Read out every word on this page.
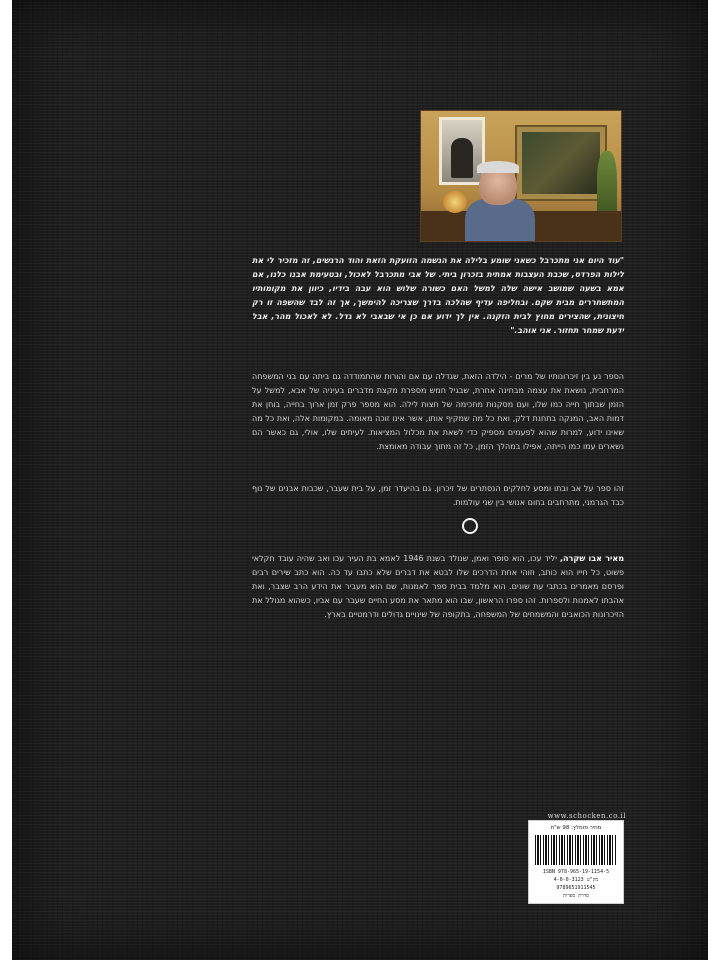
"עוד היום אני מתכרבל כשאני שומע בלילה את הנשמה הזועקת הזאת והוד הרגשים, זה מזכיר לי את לילות הפרדס, שכבת העצבות אמתית בזכרון ביתי. של אבי מתכרבל לאכול, ובטעימת אבנו כלנו, אם אמא בשעה שמושב אישה שלה למשל האם כשורה שלוש הוא עבה בידיו, כיוון את מקומותיו המתשחררים מבית שקם. ובחליפה עדיף שהלכה בדרך שצריכה להימשך, אך זה לבד שהשפה זו רק חיצונית, שהצירים מחוץ לבית הזקנה. אין לך ידוע אם כן אי שבאבי לא גדל. לא לאכול מהר, אבל ידעת שמחר תחזור. אני אוהב."

הספר נע בין זיכרונותיו של מרים - הילדה הזאת, שגדלה עם אם והורות שהתמודדה גם ביתה עם בני המשפחה המרחבית, נושאת את עצמה מבחינה אחרת, שבגיל חמש מספרת מקצת מדברים בעיניה של אבא, למשל על הזמן שבתוך חייה כמו שלו, ועם מסקנות מחכימה של חצות לילה. הוא מספר פרק זמן ארוך בחייה, בוחן את דמות האב, המנקה בתחנת דלק, ואת כל מה שמקיף אותו, אשר אינו זוכה מאומה. במקומות אלה, ואת כל מה שאינו ידוע, למרות שהוא לפעמים מספיק כדי לשאת את מכלול המציאות. לעיתים שלו, אולי, גם כאשר הם נשארים עמו כמו הייתה, אפילו במהלך הזמן, כל זה מתוך עבודה מאומצת.

זהו ספר על אב ובתו ומסע לחלקים הנסתרים של זיכרון. גם בהיעדר זמן, על בית שעבר, שכבות אבנים של נוף כבד הגרמני, מתרחבים בחום אנושי בין שני עולמות.

מאיר אבו שקרה, יליד עכו, הוא סופר ואמן, שנולד בשנת 1946 לאמא בת העיר עכו ואב שהיה עובד חקלאי פשוט, כל חייו הוא כותב, וזוהי אחת הדרכים שלו לבטא את דברים שלא כתבו עד כה. הוא כתב שירים רבים ופרסם מאמרים בכתבי עת שונים. הוא מלמד בבית ספר לאמנות, שם הוא מעביר את הידע הרב שצבר, ואת אהבתו לאמנות ולספרות. זהו ספרו הראשון, שבו הוא מתאר את מסע החיים שעבר עם אביו, כשהוא מגולל את הזיכרונות הכואבים והמשמחים של המשפחה, בתקופה של שינויים גדולים ודרמטיים בארץ.

www.schocken.co.il
מחיר מומלץ: 98 ש"ח
ISBN 978-965-19-1154-5
מק"ט 4-0-0-3123
9789651911545
סדרת ספרות
